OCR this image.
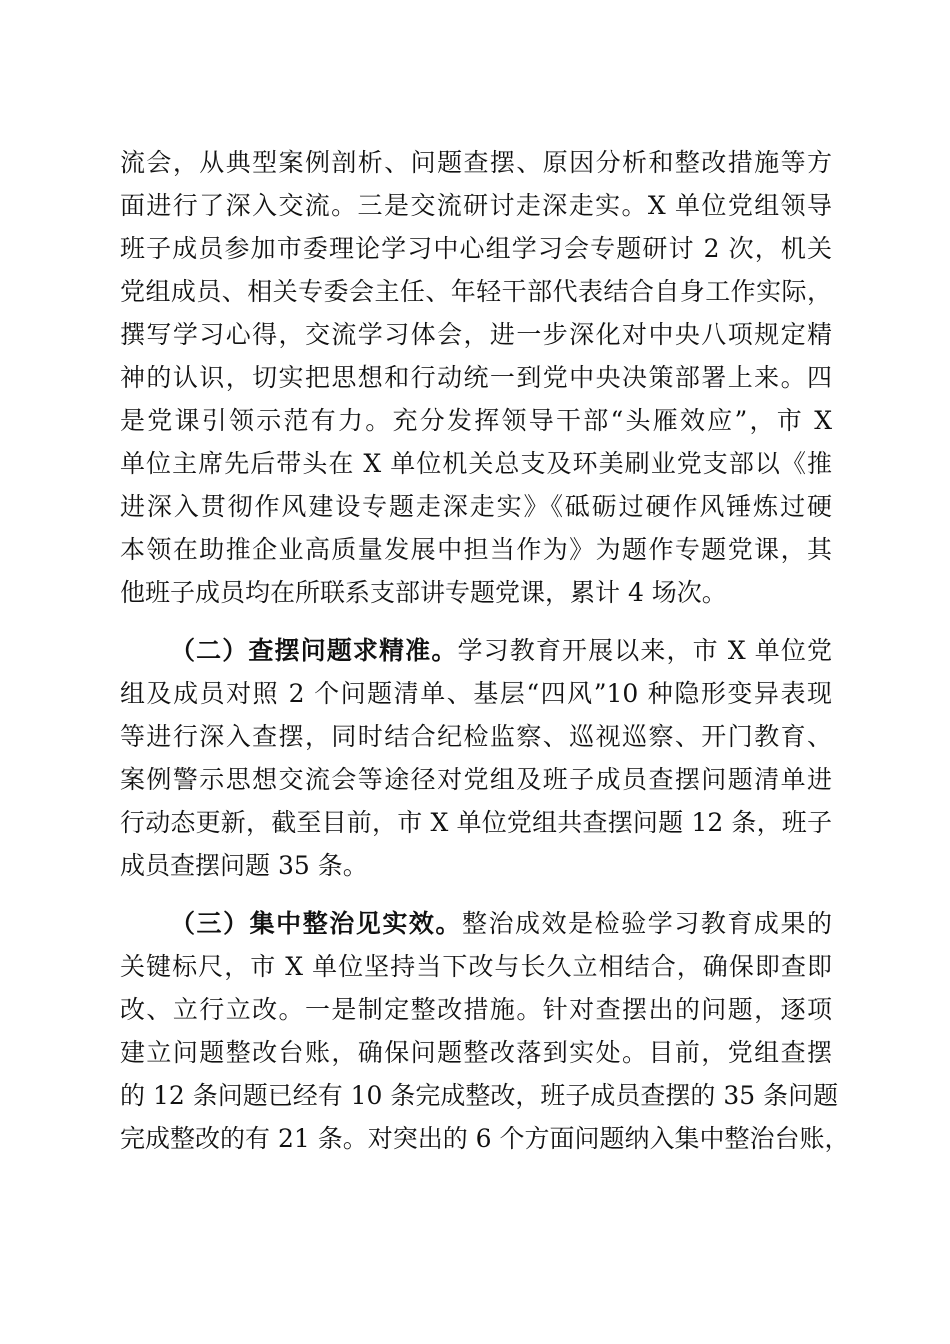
流会，从典型案例剖析、问题查摆、原因分析和整改措施等方
面进行了深入交流。三是交流研讨走深走实。X 单位党组领导
班子成员参加市委理论学习中心组学习会专题研讨 2 次，机关
党组成员、相关专委会主任、年轻干部代表结合自身工作实际，
撰写学习心得，交流学习体会，进一步深化对中央八项规定精
神的认识，切实把思想和行动统一到党中央决策部署上来。四
是党课引领示范有力。充分发挥领导干部“头雁效应”，市 X
单位主席先后带头在 X 单位机关总支及环美刷业党支部以《推
进深入贯彻作风建设专题走深走实》《砥砺过硬作风锤炼过硬
本领在助推企业高质量发展中担当作为》为题作专题党课，其
他班子成员均在所联系支部讲专题党课，累计 4 场次。
（二）查摆问题求精准。学习教育开展以来，市 X 单位党
组及成员对照 2 个问题清单、基层“四风”10 种隐形变异表现
等进行深入查摆，同时结合纪检监察、巡视巡察、开门教育、
案例警示思想交流会等途径对党组及班子成员查摆问题清单进
行动态更新，截至目前，市 X 单位党组共查摆问题 12 条，班子
成员查摆问题 35 条。
（三）集中整治见实效。整治成效是检验学习教育成果的
关键标尺，市 X 单位坚持当下改与长久立相结合，确保即查即
改、立行立改。一是制定整改措施。针对查摆出的问题，逐项
建立问题整改台账，确保问题整改落到实处。目前，党组查摆
的 12 条问题已经有 10 条完成整改，班子成员查摆的 35 条问题
完成整改的有 21 条。对突出的 6 个方面问题纳入集中整治台账，
